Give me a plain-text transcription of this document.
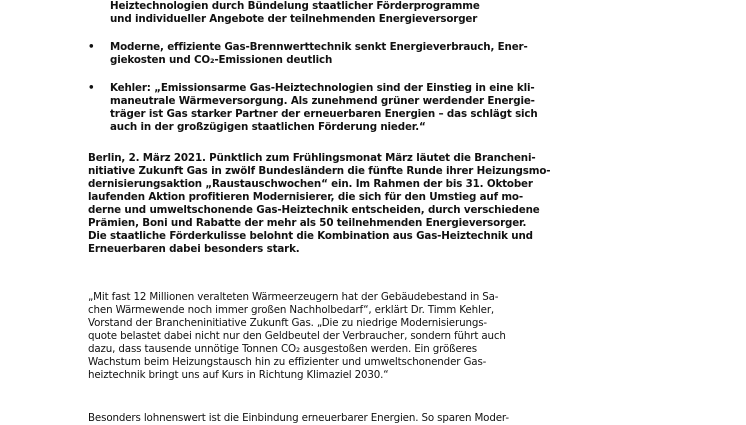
Heiztechnologien durch Bündelung staatlicher Förderprogramme
und individueller Angebote der teilnehmenden Energieversorger
•	Moderne, effiziente Gas-Brennwerttechnik senkt Energieverbrauch, Ener-
giekosten und CO₂-Emissionen deutlich
•	Kehler: „Emissionsarme Gas-Heiztechnologien sind der Einstieg in eine kli-
maneutrale Wärmeversorgung. Als zunehmend grüner werdender Energie-
träger ist Gas starker Partner der erneuerbaren Energien – das schlägt sich
auch in der großzügigen staatlichen Förderung nieder.“
Berlin, 2. März 2021. Pünktlich zum Frühlingsmonat März läutet die Brancheni-
nitiative Zukunft Gas in zwölf Bundesländern die fünfte Runde ihrer Heizungsmo-
dernisierungsaktion „Raustauschwochen“ ein. Im Rahmen der bis 31. Oktober
laufenden Aktion profitieren Modernisierer, die sich für den Umstieg auf mo-
derne und umweltschonende Gas-Heiztechnik entscheiden, durch verschiedene
Prämien, Boni und Rabatte der mehr als 50 teilnehmenden Energieversorger.
Die staatliche Förderkulisse belohnt die Kombination aus Gas-Heiztechnik und
Erneuerbaren dabei besonders stark.
„Mit fast 12 Millionen veralteten Wärmeerzeugern hat der Gebäudebestand in Sa-
chen Wärmewende noch immer großen Nachholbedarf“, erklärt Dr. Timm Kehler,
Vorstand der Brancheninitiative Zukunft Gas. „Die zu niedrige Modernisierungs-
quote belastet dabei nicht nur den Geldbeutel der Verbraucher, sondern führt auch
dazu, dass tausende unnötige Tonnen CO₂ ausgestoßen werden. Ein größeres
Wachstum beim Heizungstausch hin zu effizienter und umweltschonender Gas-
heiztechnik bringt uns auf Kurs in Richtung Klimaziel 2030.“
Besonders lohnenswert ist die Einbindung erneuerbarer Energien. So sparen Moder-
